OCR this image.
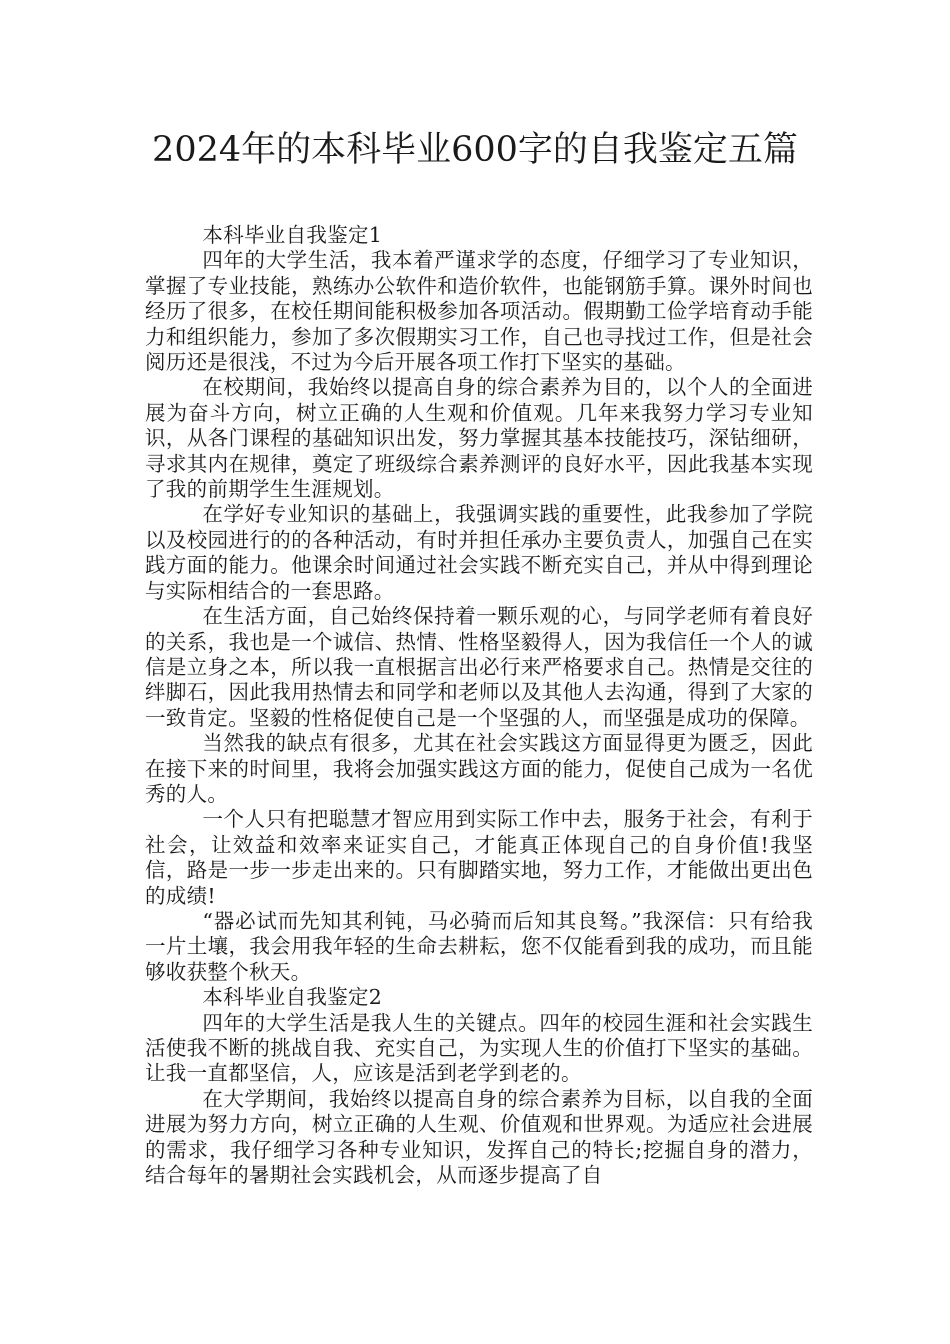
2024年的本科毕业600字的自我鉴定五篇

本科毕业自我鉴定1

四年的大学生活，我本着严谨求学的态度，仔细学习了专业知识，掌握了专业技能，熟练办公软件和造价软件，也能钢筋手算。课外时间也经历了很多，在校任期间能积极参加各项活动。假期勤工俭学培育动手能力和组织能力，参加了多次假期实习工作，自己也寻找过工作，但是社会阅历还是很浅，不过为今后开展各项工作打下坚实的基础。

在校期间，我始终以提高自身的综合素养为目的，以个人的全面进展为奋斗方向，树立正确的人生观和价值观。几年来我努力学习专业知识，从各门课程的基础知识出发，努力掌握其基本技能技巧，深钻细研，寻求其内在规律，奠定了班级综合素养测评的良好水平，因此我基本实现了我的前期学生生涯规划。

在学好专业知识的基础上，我强调实践的重要性，此我参加了学院以及校园进行的的各种活动，有时并担任承办主要负责人，加强自己在实践方面的能力。他课余时间通过社会实践不断充实自己，并从中得到理论与实际相结合的一套思路。

在生活方面，自己始终保持着一颗乐观的心，与同学老师有着良好的关系，我也是一个诚信、热情、性格坚毅得人，因为我信任一个人的诚信是立身之本，所以我一直根据言出必行来严格要求自己。热情是交往的绊脚石，因此我用热情去和同学和老师以及其他人去沟通，得到了大家的一致肯定。坚毅的性格促使自己是一个坚强的人，而坚强是成功的保障。

当然我的缺点有很多，尤其在社会实践这方面显得更为匮乏，因此在接下来的时间里，我将会加强实践这方面的能力，促使自己成为一名优秀的人。

一个人只有把聪慧才智应用到实际工作中去，服务于社会，有利于社会，让效益和效率来证实自己，才能真正体现自己的自身价值!我坚信，路是一步一步走出来的。只有脚踏实地，努力工作，才能做出更出色的成绩!

“器必试而先知其利钝，马必骑而后知其良驽。”我深信：只有给我一片土壤，我会用我年轻的生命去耕耘，您不仅能看到我的成功，而且能够收获整个秋天。

本科毕业自我鉴定2

四年的大学生活是我人生的关键点。四年的校园生涯和社会实践生活使我不断的挑战自我、充实自己，为实现人生的价值打下坚实的基础。让我一直都坚信，人，应该是活到老学到老的。

在大学期间，我始终以提高自身的综合素养为目标，以自我的全面进展为努力方向，树立正确的人生观、价值观和世界观。为适应社会进展的需求，我仔细学习各种专业知识，发挥自己的特长;挖掘自身的潜力，结合每年的暑期社会实践机会，从而逐步提高了自
